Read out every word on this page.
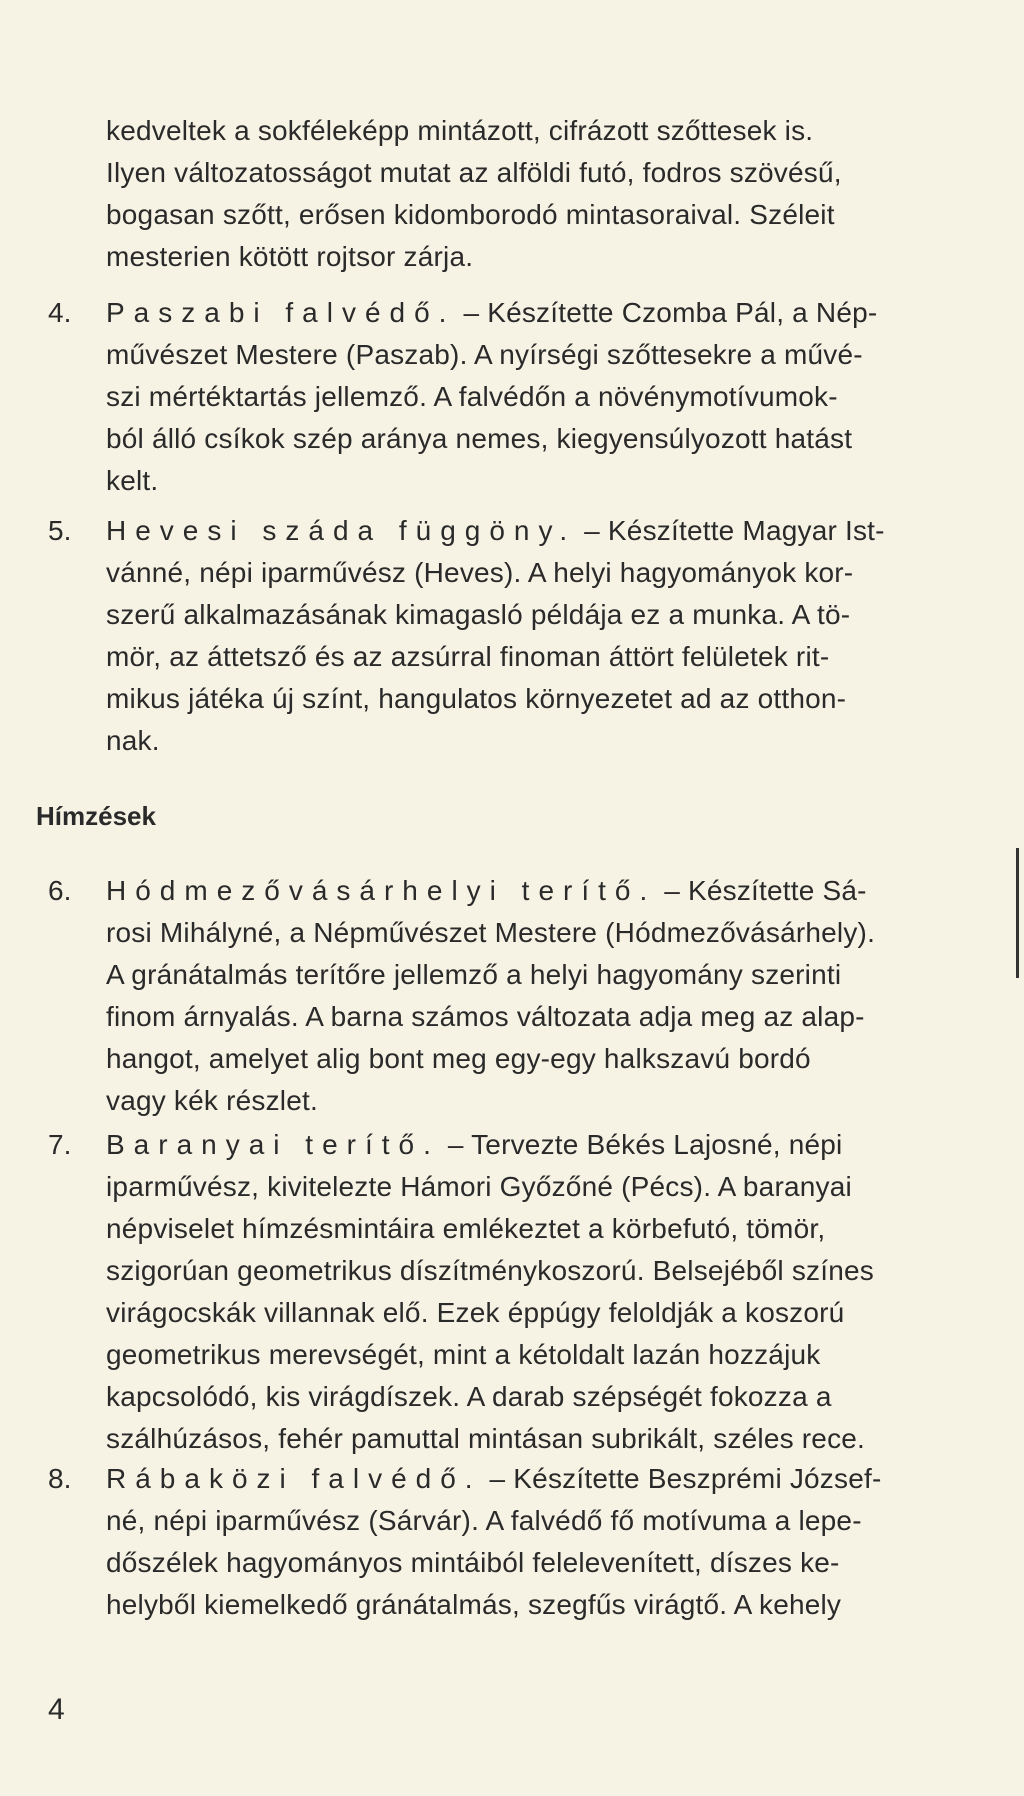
kedveltek a sokféleképp mintázott, cifrázott szőttesek is.
Ilyen változatosságot mutat az alföldi futó, fodros szövésű,
bogasan szőtt, erősen kidomborodó mintasoraival. Széleit
mesterien kötött rojtsor zárja.
4. Paszabi falvédő. – Készítette Czomba Pál, a Nép-
művészet Mestere (Paszab). A nyírségi szőttesekre a művé-
szi mértéktartás jellemző. A falvédőn a növénymotívumok-
ból álló csíkok szép aránya nemes, kiegyensúlyozott hatást
kelt.
5. Hevesi száda függöny. – Készítette Magyar Ist-
vánné, népi iparművész (Heves). A helyi hagyományok kor-
szerű alkalmazásának kimagasló példája ez a munka. A tö-
mör, az áttetsző és az azsúrral finoman áttört felületek rit-
mikus játéka új színt, hangulatos környezetet ad az otthon-
nak.
Hímzések
6. Hódmezővásárhelyi terítő. – Készítette Sá-
rosi Mihályné, a Népművészet Mestere (Hódmezővásárhely).
A gránátalmás terítőre jellemző a helyi hagyomány szerinti
finom árnyalás. A barna számos változata adja meg az alap-
hangot, amelyet alig bont meg egy-egy halkszavú bordó
vagy kék részlet.
7. Baranyai terítő. – Tervezte Békés Lajosné, népi
iparművész, kivitelezte Hámori Győzőné (Pécs). A baranyai
népviselet hímzésmintáira emlékeztet a körbefutó, tömör,
szigorúan geometrikus díszítménykoszorú. Belsejéből színes
virágocskák villannak elő. Ezek éppúgy feloldják a koszorú
geometrikus merevségét, mint a kétoldalt lazán hozzájuk
kapcsolódó, kis virágdíszek. A darab szépségét fokozza a
szálhúzásos, fehér pamuttal mintásan subrikált, széles rece.
8. Rábaközi falvédő. – Készítette Beszprémi József-
né, népi iparművész (Sárvár). A falvédő fő motívuma a lepe-
dőszélek hagyományos mintáiból felelevenített, díszes ke-
helyből kiemelkedő gránátalmás, szegfűs virágtő. A kehely
4
